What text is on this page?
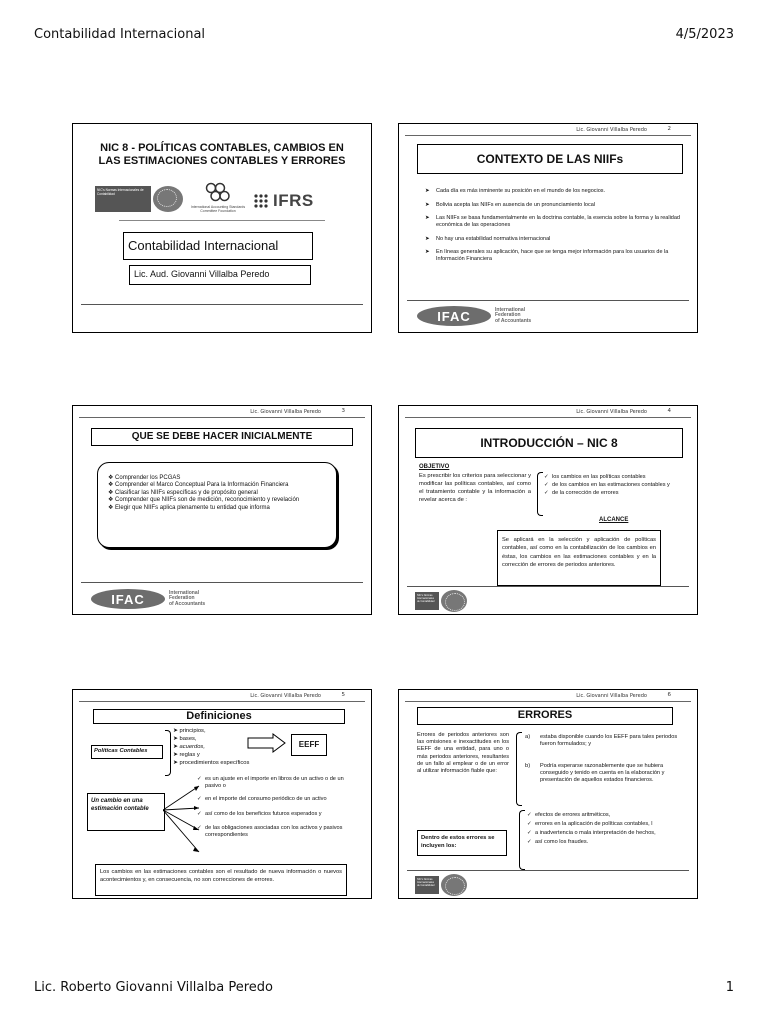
Contabilidad Internacional	4/5/2023
Lic. Roberto Giovanni Villalba Peredo	1
NIC 8 - POLÍTICAS CONTABLES, CAMBIOS EN LAS ESTIMACIONES CONTABLES Y ERRORES
NIC's Normas Internacionales de Contabilidad
International Accounting Standards Committee Foundation
IFRS
Contabilidad Internacional
Lic. Aud. Giovanni Villalba Peredo
Lic. Giovanni Villalba Peredo	2
CONTEXTO DE LAS NIIFs
➤ Cada día es más inminente su posición en el mundo de los negocios.
➤ Bolivia acepta las NIIFs en ausencia de un pronunciamiento local
➤ Las NIIFs se basa fundamentalmente en la doctrina contable, la esencia sobre la forma y la realidad económica de las operaciones
➤ No hay una estabilidad normativa internacional
➤ En líneas generales su aplicación, hace que se tenga mejor información para los usuarios de la Información Financiera
IFAC	International
Federation
of Accountants
Lic. Giovanni Villalba Peredo	3
QUE SE DEBE HACER INICIALMENTE
❖ Comprender los PCGAS
❖ Comprender el Marco Conceptual Para la Información Financiera
❖ Clasificar las NIIFs específicas y de propósito general
❖ Comprender que NIIFs son de medición, reconocimiento y revelación
❖ Elegir que NIIFs aplica plenamente tu entidad que informa
IFAC	International
Federation
of Accountants
Lic. Giovanni Villalba Peredo	4
INTRODUCCIÓN – NIC 8
OBJETIVO
Es prescribir los criterios para seleccionar y modificar las políticas contables, así como el tratamiento contable y la información a revelar acerca de :
✓ los cambios en las políticas contables
✓ de los cambios en las estimaciones contables y
✓ de la corrección de errores
ALCANCE
Se aplicará en la selección y aplicación de políticas contables, así como en la contabilización de los cambios en éstas, los cambios en las estimaciones contables y en la corrección de errores de periodos anteriores.
NIC's Normas Internacionales de Contabilidad
Lic. Giovanni Villalba Peredo	5
Definiciones
Políticas Contables
➤ principios,
➤ bases,
➤ acuerdos,
➤ reglas y
➤ procedimientos específicos
EEFF
Un cambio en una estimación contable
✓ es un ajuste en el importe en libros de un activo o de un pasivo o
✓ en el importe del consumo periódico de un activo
✓ así como de los beneficios futuros esperados y
✓ de las obligaciones asociadas con los activos y pasivos correspondientes
Los cambios en las estimaciones contables son el resultado de nueva información o nuevos acontecimientos y, en consecuencia, no son correcciones de errores.
Lic. Giovanni Villalba Peredo	6
ERRORES
Errores de periodos anteriores son las omisiones e inexactitudes en los EEFF de una entidad, para uno o más periodos anteriores, resultantes de un fallo al emplear o de un error al utilizar información fiable que:
a) estaba disponible cuando los EEFF para tales periodos fueron formulados; y
b) Podría esperarse razonablemente que se hubiera conseguido y tenido en cuenta en la elaboración y presentación de aquellos estados financieros.
Dentro de estos errores se incluyen los:
✓ efectos de errores aritméticos,
✓ errores en la aplicación de políticas contables, l
✓ a inadvertencia o mala interpretación de hechos,
✓ así como los fraudes.
NIC's Normas Internacionales de Contabilidad
